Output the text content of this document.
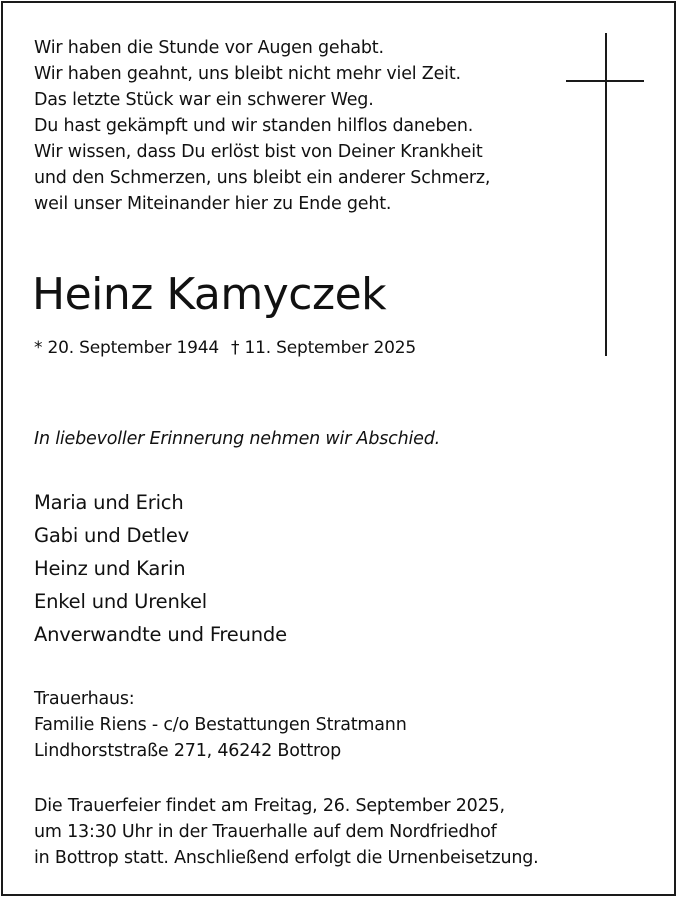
Wir haben die Stunde vor Augen gehabt.
Wir haben geahnt, uns bleibt nicht mehr viel Zeit.
Das letzte Stück war ein schwerer Weg.
Du hast gekämpft und wir standen hilflos daneben.
Wir wissen, dass Du erlöst bist von Deiner Krankheit
und den Schmerzen, uns bleibt ein anderer Schmerz,
weil unser Miteinander hier zu Ende geht.
Heinz Kamyczek
* 20. September 1944 † 11. September 2025
In liebevoller Erinnerung nehmen wir Abschied.
Maria und Erich
Gabi und Detlev
Heinz und Karin
Enkel und Urenkel
Anverwandte und Freunde
Trauerhaus:
Familie Riens - c/o Bestattungen Stratmann
Lindhorststraße 271, 46242 Bottrop
Die Trauerfeier findet am Freitag, 26. September 2025,
um 13:30 Uhr in der Trauerhalle auf dem Nordfriedhof
in Bottrop statt. Anschließend erfolgt die Urnenbeisetzung.
